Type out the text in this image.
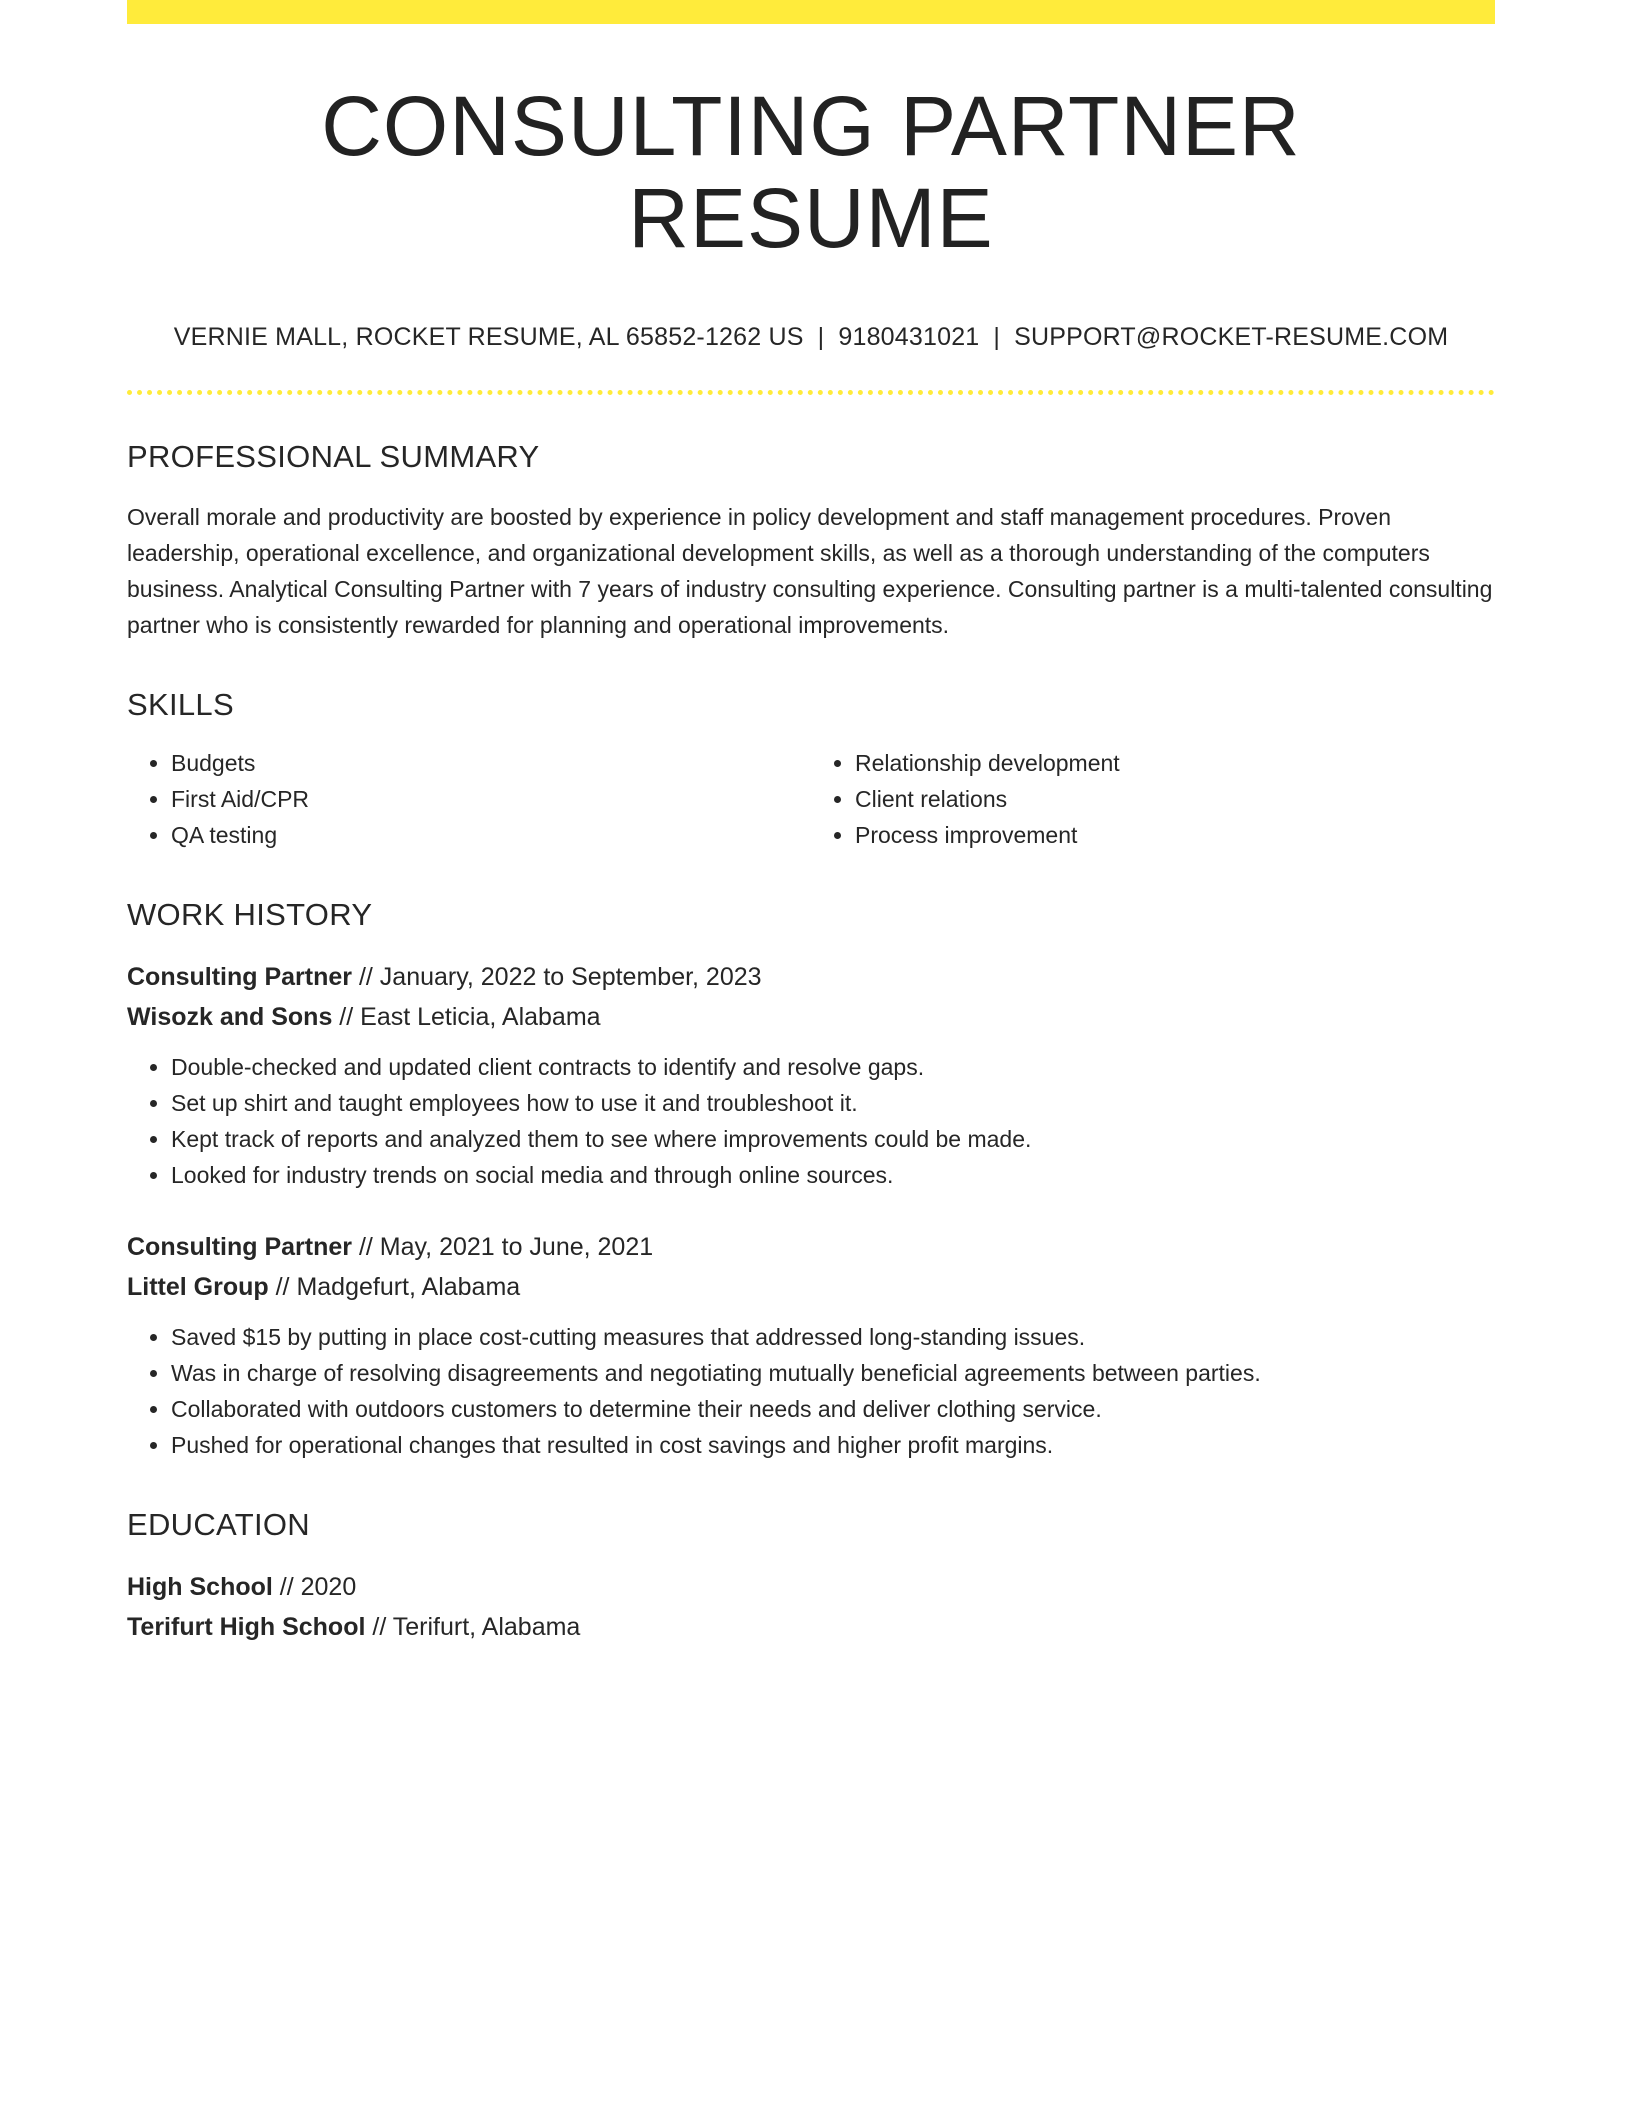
CONSULTING PARTNER RESUME
VERNIE MALL, ROCKET RESUME, AL 65852-1262 US | 9180431021 | SUPPORT@ROCKET-RESUME.COM
PROFESSIONAL SUMMARY
Overall morale and productivity are boosted by experience in policy development and staff management procedures. Proven leadership, operational excellence, and organizational development skills, as well as a thorough understanding of the computers business. Analytical Consulting Partner with 7 years of industry consulting experience. Consulting partner is a multi-talented consulting partner who is consistently rewarded for planning and operational improvements.
SKILLS
• Budgets
• First Aid/CPR
• QA testing
• Relationship development
• Client relations
• Process improvement
WORK HISTORY
Consulting Partner // January, 2022 to September, 2023
Wisozk and Sons // East Leticia, Alabama
• Double-checked and updated client contracts to identify and resolve gaps.
• Set up shirt and taught employees how to use it and troubleshoot it.
• Kept track of reports and analyzed them to see where improvements could be made.
• Looked for industry trends on social media and through online sources.
Consulting Partner // May, 2021 to June, 2021
Littel Group // Madgefurt, Alabama
• Saved $15 by putting in place cost-cutting measures that addressed long-standing issues.
• Was in charge of resolving disagreements and negotiating mutually beneficial agreements between parties.
• Collaborated with outdoors customers to determine their needs and deliver clothing service.
• Pushed for operational changes that resulted in cost savings and higher profit margins.
EDUCATION
High School // 2020
Terifurt High School // Terifurt, Alabama
